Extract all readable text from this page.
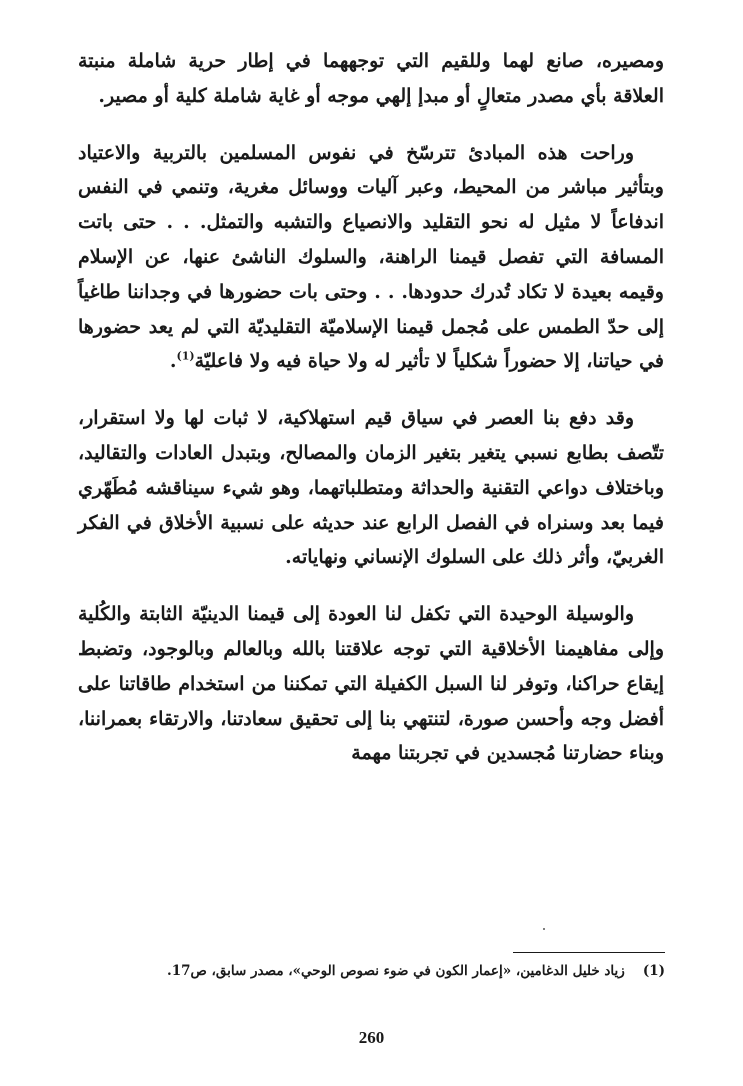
ومصيره، صانع لهما وللقيم التي توجههما في إطار حرية شاملة منبتة العلاقة بأي مصدر متعالٍ أو مبدإ إلهي موجه أو غاية شاملة كلية أو مصير.

وراحت هذه المبادئ تترسّخ في نفوس المسلمين بالتربية والاعتياد وبتأثير مباشر من المحيط، وعبر آليات ووسائل مغرية، وتنمي في النفس اندفاعاً لا مثيل له نحو التقليد والانصياع والتشبه والتمثل. . . حتى باتت المسافة التي تفصل قيمنا الراهنة، والسلوك الناشئ عنها، عن الإسلام وقيمه بعيدة لا تكاد تُدرك حدودها. . . وحتى بات حضورها في وجداننا طاغياً إلى حدّ الطمس على مُجمل قيمنا الإسلاميّة التقليديّة التي لم يعد حضورها في حياتنا، إلا حضوراً شكلياً لا تأثير له ولا حياة فيه ولا فاعليّة$^{(1)}$.

وقد دفع بنا العصر في سياق قيم استهلاكية، لا ثبات لها ولا استقرار، تتّصف بطابع نسبي يتغير بتغير الزمان والمصالح، وبتبدل العادات والتقاليد، وباختلاف دواعي التقنية والحداثة ومتطلباتهما، وهو شيء سيناقشه مُطَهّري فيما بعد وسنراه في الفصل الرابع عند حديثه على نسبية الأخلاق في الفكر الغربيّ، وأثر ذلك على السلوك الإنساني ونهاياته.

والوسيلة الوحيدة التي تكفل لنا العودة إلى قيمنا الدينيّة الثابتة والكُلية وإلى مفاهيمنا الأخلاقية التي توجه علاقتنا بالله وبالعالم وبالوجود، وتضبط إيقاع حراكنا، وتوفر لنا السبل الكفيلة التي تمكننا من استخدام طاقاتنا على أفضل وجه وأحسن صورة، لتنتهي بنا إلى تحقيق سعادتنا، والارتقاء بعمراننا، وبناء حضارتنا مُجسدين في تجربتنا مهمة

(1)زياد خليل الدغامين، «إعمار الكون في ضوء نصوص الوحي»، مصدر سابق، ص17.
260
